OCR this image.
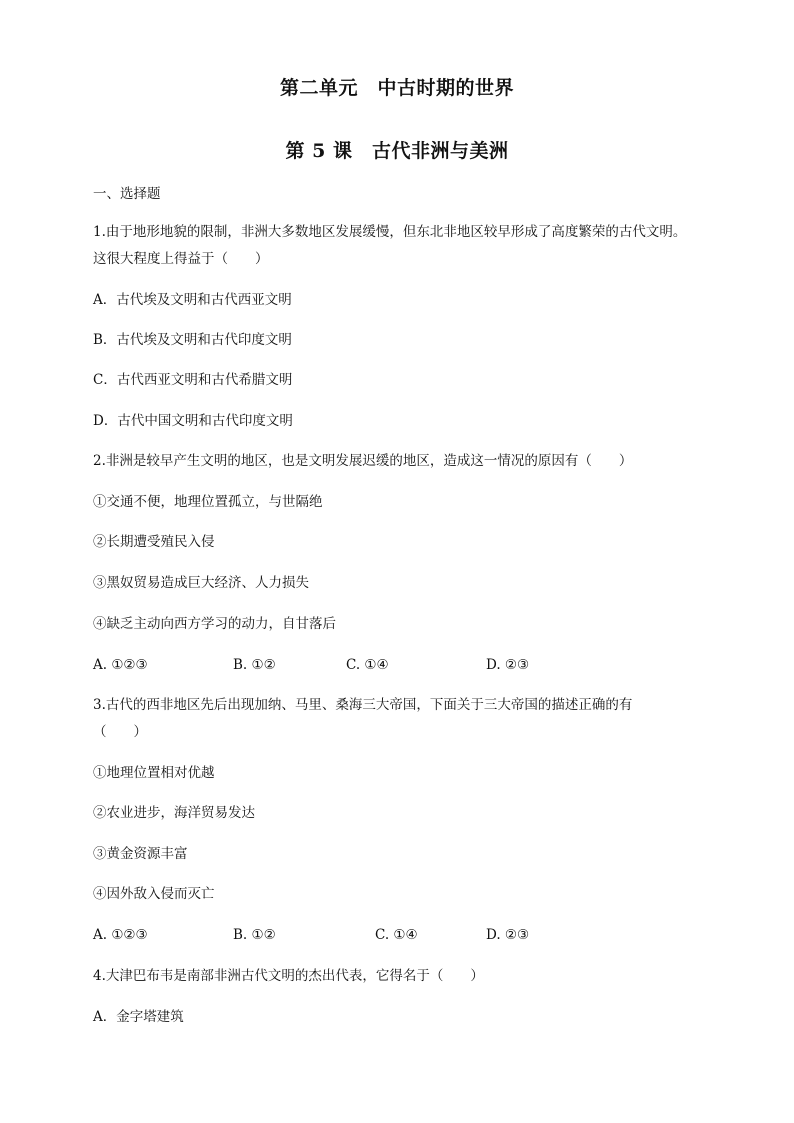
第二单元　中古时期的世界
第 5 课　古代非洲与美洲
一、选择题
1.由于地形地貌的限制，非洲大多数地区发展缓慢，但东北非地区较早形成了高度繁荣的古代文明。
这很大程度上得益于（　　）
A．古代埃及文明和古代西亚文明
B．古代埃及文明和古代印度文明
C．古代西亚文明和古代希腊文明
D．古代中国文明和古代印度文明
2.非洲是较早产生文明的地区，也是文明发展迟缓的地区，造成这一情况的原因有（　　）
①交通不便，地理位置孤立，与世隔绝
②长期遭受殖民入侵
③黑奴贸易造成巨大经济、人力损失
④缺乏主动向西方学习的动力，自甘落后
A. ①②③	B. ①②	C. ①④	D. ②③
3.古代的西非地区先后出现加纳、马里、桑海三大帝国，下面关于三大帝国的描述正确的有
（　　）
①地理位置相对优越
②农业进步，海洋贸易发达
③黄金资源丰富
④因外敌入侵而灭亡
A. ①②③	B. ①②	C. ①④	D. ②③
4.大津巴布韦是南部非洲古代文明的杰出代表，它得名于（　　）
A．金字塔建筑
